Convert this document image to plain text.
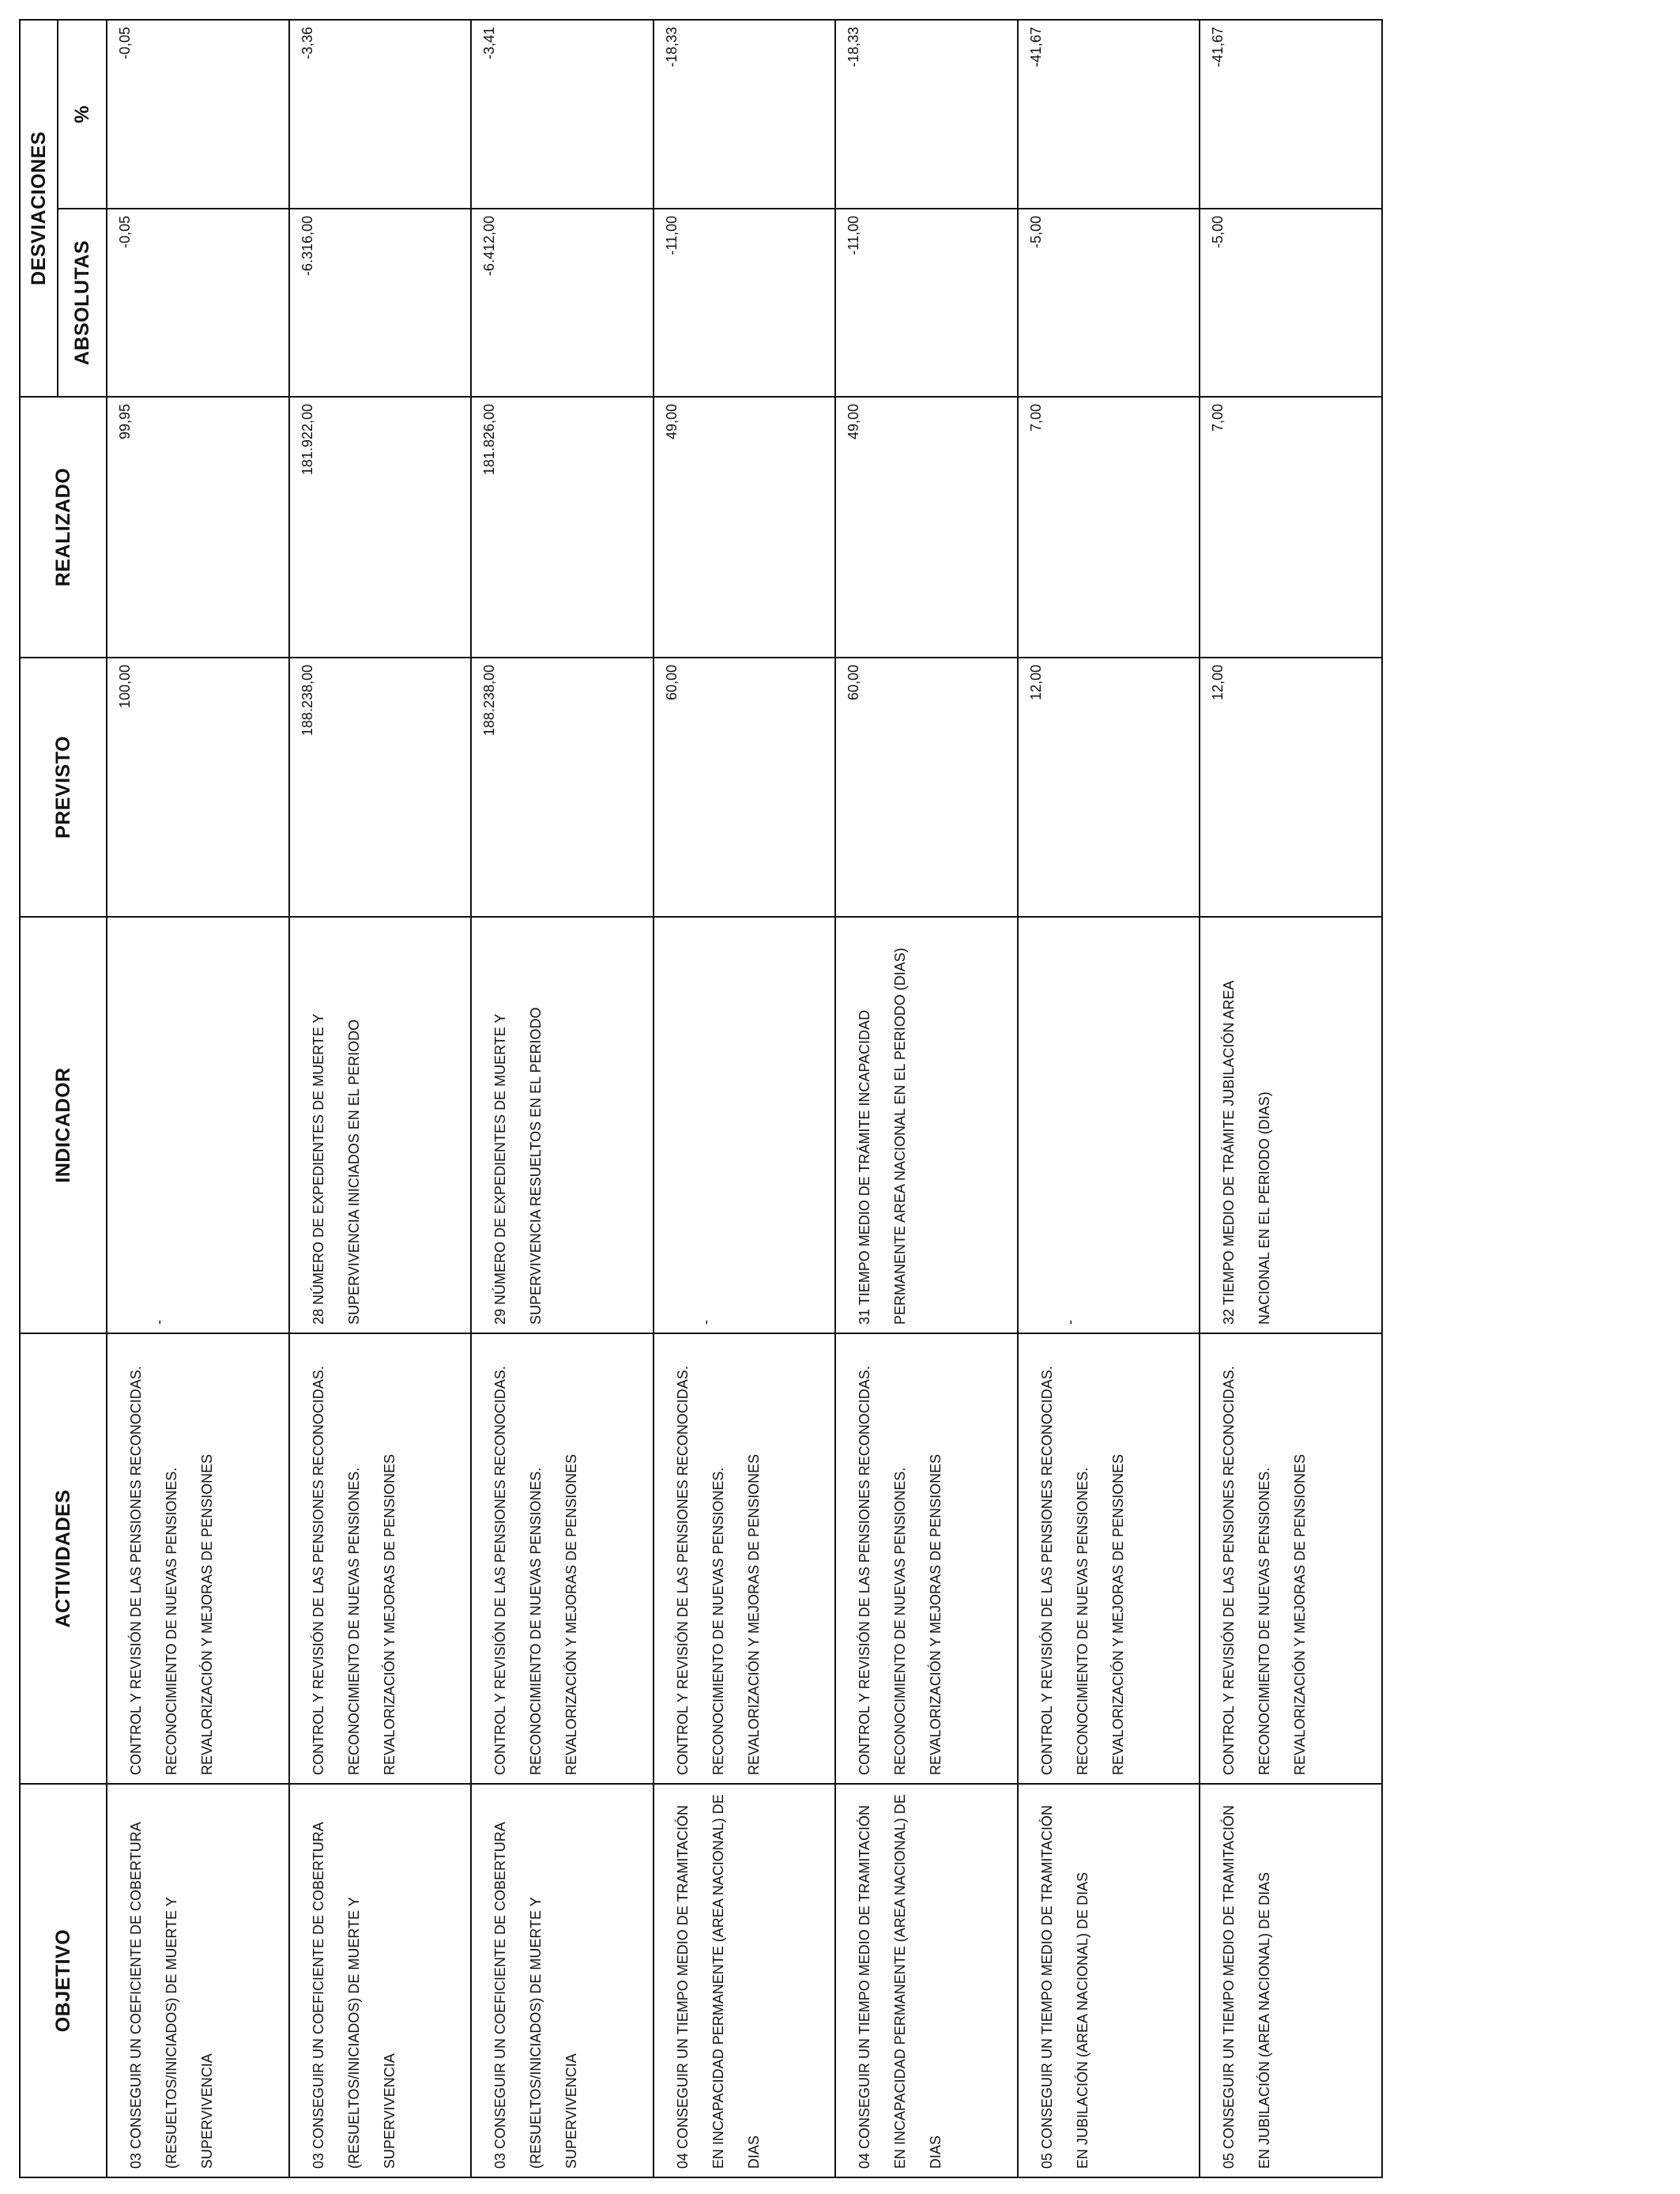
OBJETIVO	ACTIVIDADES	INDICADOR	PREVISTO	REALIZADO	DESVIACIONES	
					ABSOLUTAS	%

03 CONSEGUIR UN COEFICIENTE DE COBERTURA (RESUELTOS/INICIADOS) DE MUERTE Y SUPERVIVENCIA	CONTROL Y REVISIÓN DE LAS PENSIONES RECONOCIDAS. RECONOCIMIENTO DE NUEVAS PENSIONES. REVALORIZACIÓN Y MEJORAS DE PENSIONES	-	100,00	99,95	-0,05	-0,05

03 CONSEGUIR UN COEFICIENTE DE COBERTURA (RESUELTOS/INICIADOS) DE MUERTE Y SUPERVIVENCIA	CONTROL Y REVISIÓN DE LAS PENSIONES RECONOCIDAS. RECONOCIMIENTO DE NUEVAS PENSIONES. REVALORIZACIÓN Y MEJORAS DE PENSIONES	28 NÚMERO DE EXPEDIENTES DE MUERTE Y SUPERVIVENCIA INICIADOS EN EL PERIODO	188.238,00	181.922,00	-6.316,00	-3,36

03 CONSEGUIR UN COEFICIENTE DE COBERTURA (RESUELTOS/INICIADOS) DE MUERTE Y SUPERVIVENCIA	CONTROL Y REVISIÓN DE LAS PENSIONES RECONOCIDAS. RECONOCIMIENTO DE NUEVAS PENSIONES. REVALORIZACIÓN Y MEJORAS DE PENSIONES	29 NÚMERO DE EXPEDIENTES DE MUERTE Y SUPERVIVENCIA RESUELTOS EN EL PERIODO	188.238,00	181.826,00	-6.412,00	-3,41

04 CONSEGUIR UN TIEMPO MEDIO DE TRAMITACIÓN EN INCAPACIDAD PERMANENTE (AREA NACIONAL) DE DIAS	CONTROL Y REVISIÓN DE LAS PENSIONES RECONOCIDAS. RECONOCIMIENTO DE NUEVAS PENSIONES. REVALORIZACIÓN Y MEJORAS DE PENSIONES	-	60,00	49,00	-11,00	-18,33

04 CONSEGUIR UN TIEMPO MEDIO DE TRAMITACIÓN EN INCAPACIDAD PERMANENTE (AREA NACIONAL) DE DIAS	CONTROL Y REVISIÓN DE LAS PENSIONES RECONOCIDAS. RECONOCIMIENTO DE NUEVAS PENSIONES. REVALORIZACIÓN Y MEJORAS DE PENSIONES	31 TIEMPO MEDIO DE TRÁMITE INCAPACIDAD PERMANENTE AREA NACIONAL EN EL PERIODO (DIAS)	60,00	49,00	-11,00	-18,33

05 CONSEGUIR UN TIEMPO MEDIO DE TRAMITACIÓN EN JUBILACIÓN (AREA NACIONAL) DE DIAS	CONTROL Y REVISIÓN DE LAS PENSIONES RECONOCIDAS. RECONOCIMIENTO DE NUEVAS PENSIONES. REVALORIZACIÓN Y MEJORAS DE PENSIONES	-	12,00	7,00	-5,00	-41,67

05 CONSEGUIR UN TIEMPO MEDIO DE TRAMITACIÓN EN JUBILACIÓN (AREA NACIONAL) DE DIAS	CONTROL Y REVISIÓN DE LAS PENSIONES RECONOCIDAS. RECONOCIMIENTO DE NUEVAS PENSIONES. REVALORIZACIÓN Y MEJORAS DE PENSIONES	32 TIEMPO MEDIO DE TRÁMITE JUBILACIÓN AREA NACIONAL EN EL PERIODO (DIAS)	12,00	7,00	-5,00	-41,67
